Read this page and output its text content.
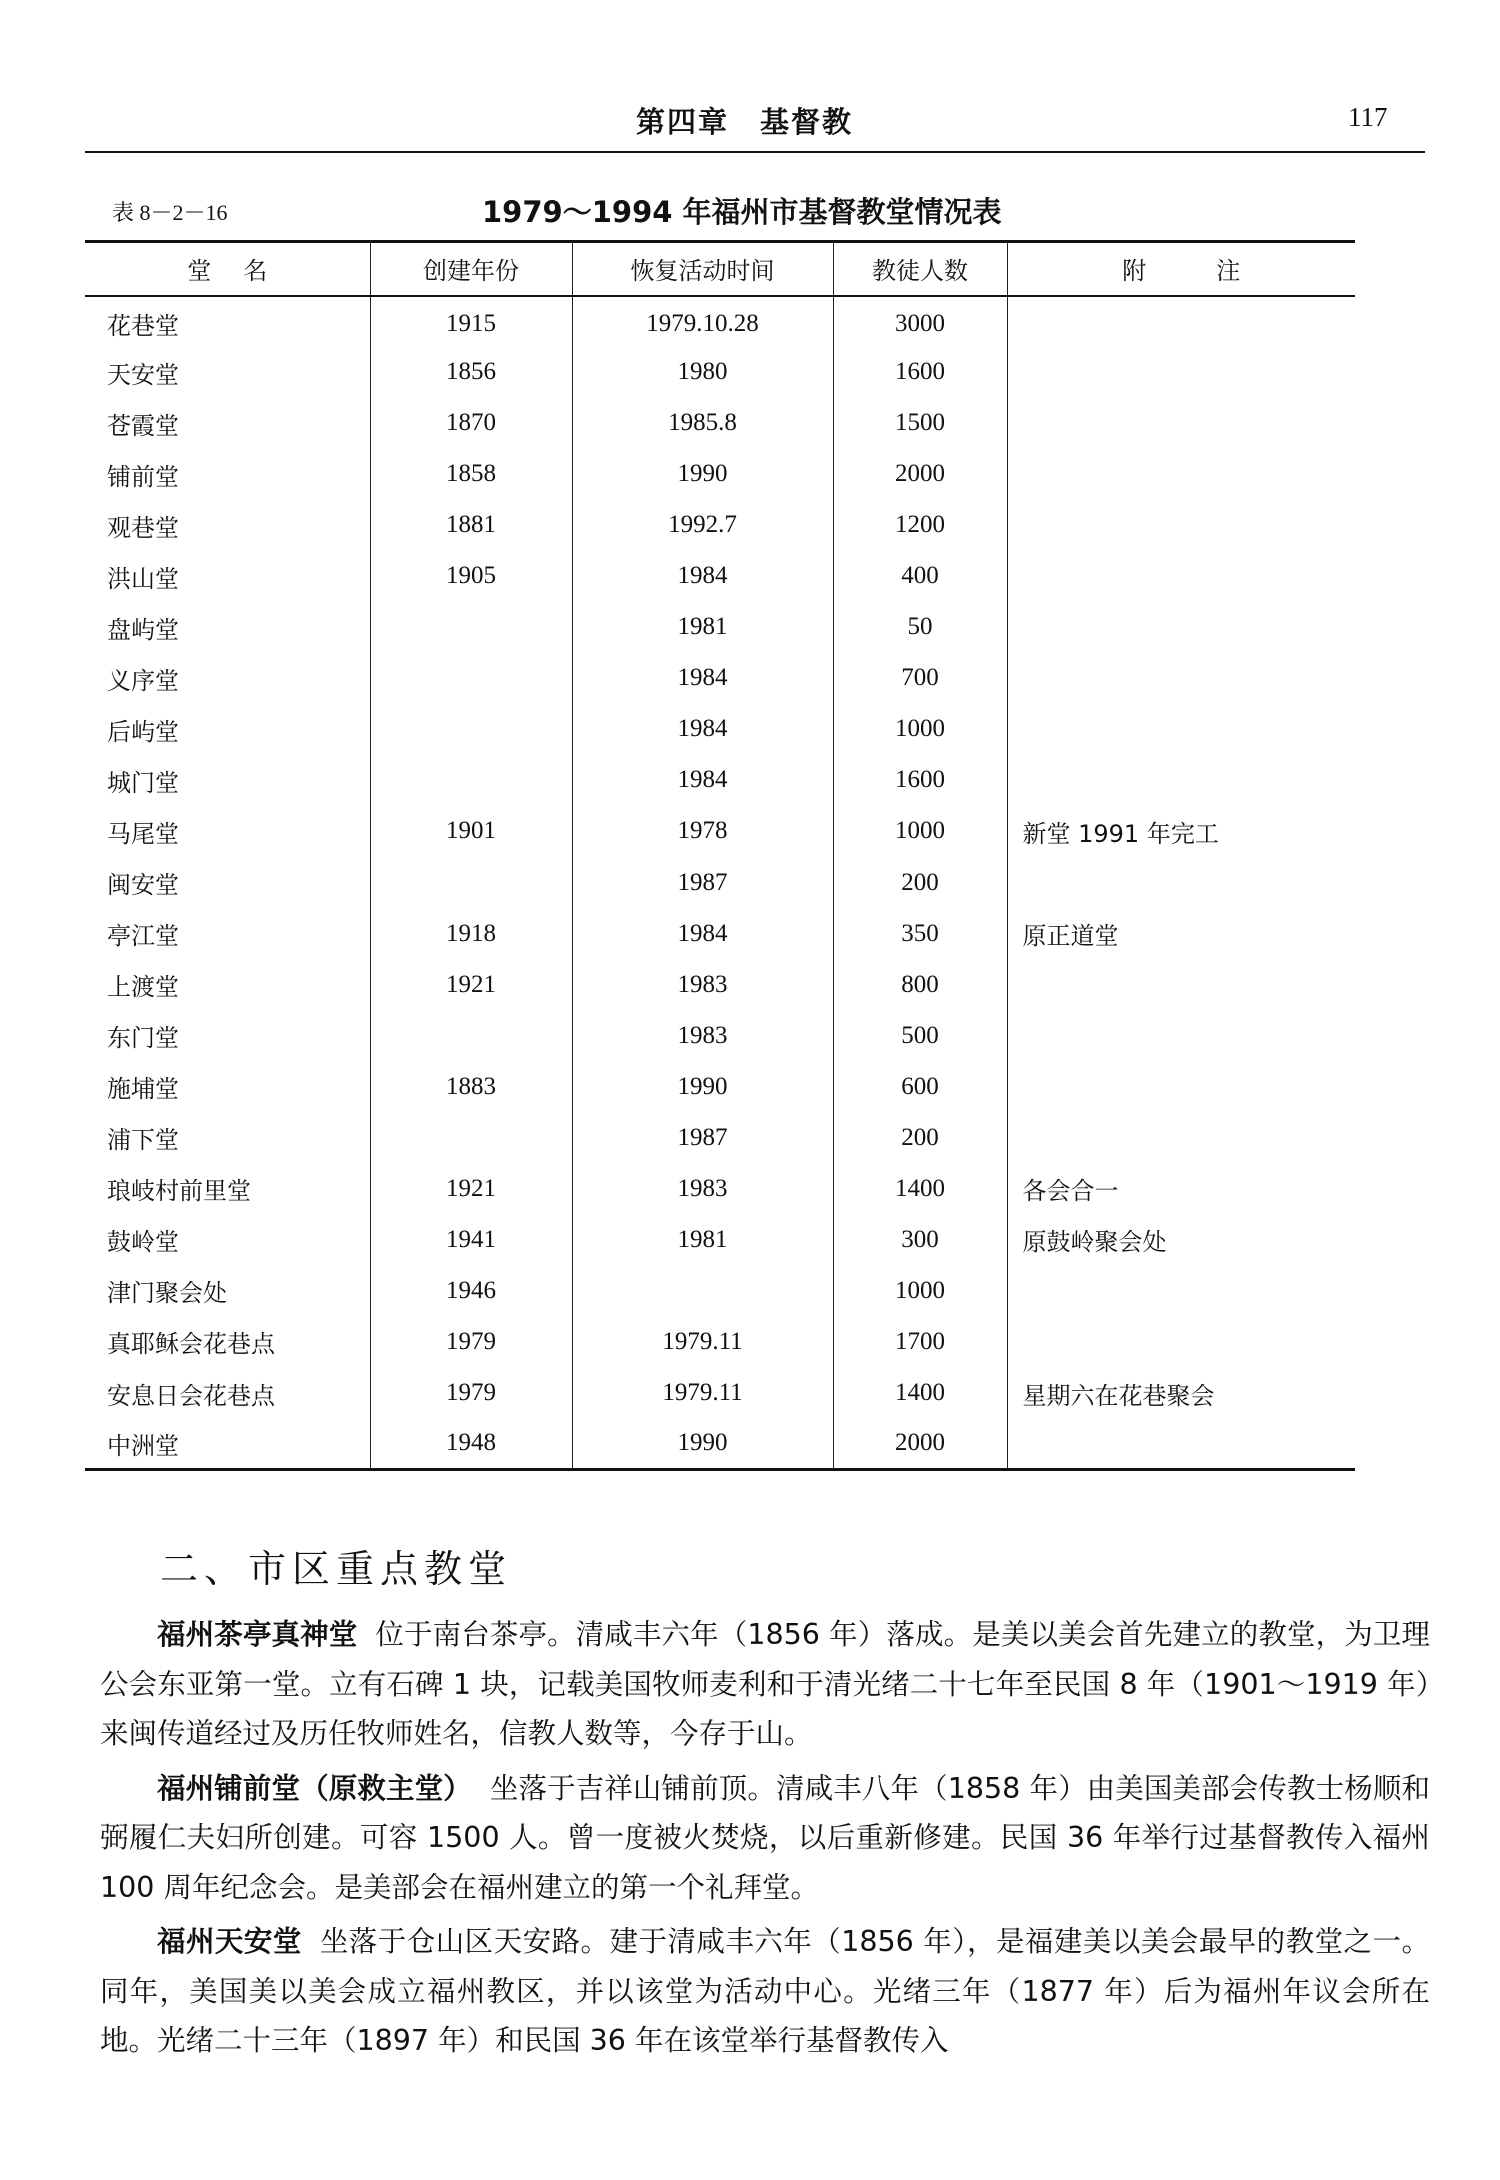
第四章　基督教	117
表 8－2－16	1979～1994 年福州市基督教堂情况表
堂 名	创建年份	恢复活动时间	教徒人数	附 注
花巷堂	1915	1979.10.28	3000	
天安堂	1856	1980	1600	
苍霞堂	1870	1985.8	1500	
铺前堂	1858	1990	2000	
观巷堂	1881	1992.7	1200	
洪山堂	1905	1984	400	
盘屿堂		1981	50	
义序堂		1984	700	
后屿堂		1984	1000	
城门堂		1984	1600	
马尾堂	1901	1978	1000	新堂 1991 年完工
闽安堂		1987	200	
亭江堂	1918	1984	350	原正道堂
上渡堂	1921	1983	800	
东门堂		1983	500	
施埔堂	1883	1990	600	
浦下堂		1987	200	
琅岐村前里堂	1921	1983	1400	各会合一
鼓岭堂	1941	1981	300	原鼓岭聚会处
津门聚会处	1946		1000	
真耶稣会花巷点	1979	1979.11	1700	
安息日会花巷点	1979	1979.11	1400	星期六在花巷聚会
中洲堂	1948	1990	2000	
二、市区重点教堂

福州茶亭真神堂 位于南台茶亭。清咸丰六年（1856 年）落成。是美以美会首先建立的教堂，为卫理公会东亚第一堂。立有石碑 1 块，记载美国牧师麦利和于清光绪二十七年至民国 8 年（1901～1919 年）来闽传道经过及历任牧师姓名，信教人数等，今存于山。

福州铺前堂（原救主堂） 坐落于吉祥山铺前顶。清咸丰八年（1858 年）由美国美部会传教士杨顺和弼履仁夫妇所创建。可容 1500 人。曾一度被火焚烧，以后重新修建。民国 36 年举行过基督教传入福州 100 周年纪念会。是美部会在福州建立的第一个礼拜堂。

福州天安堂 坐落于仓山区天安路。建于清咸丰六年（1856 年），是福建美以美会最早的教堂之一。同年，美国美以美会成立福州教区，并以该堂为活动中心。光绪三年（1877 年）后为福州年议会所在地。光绪二十三年（1897 年）和民国 36 年在该堂举行基督教传入
